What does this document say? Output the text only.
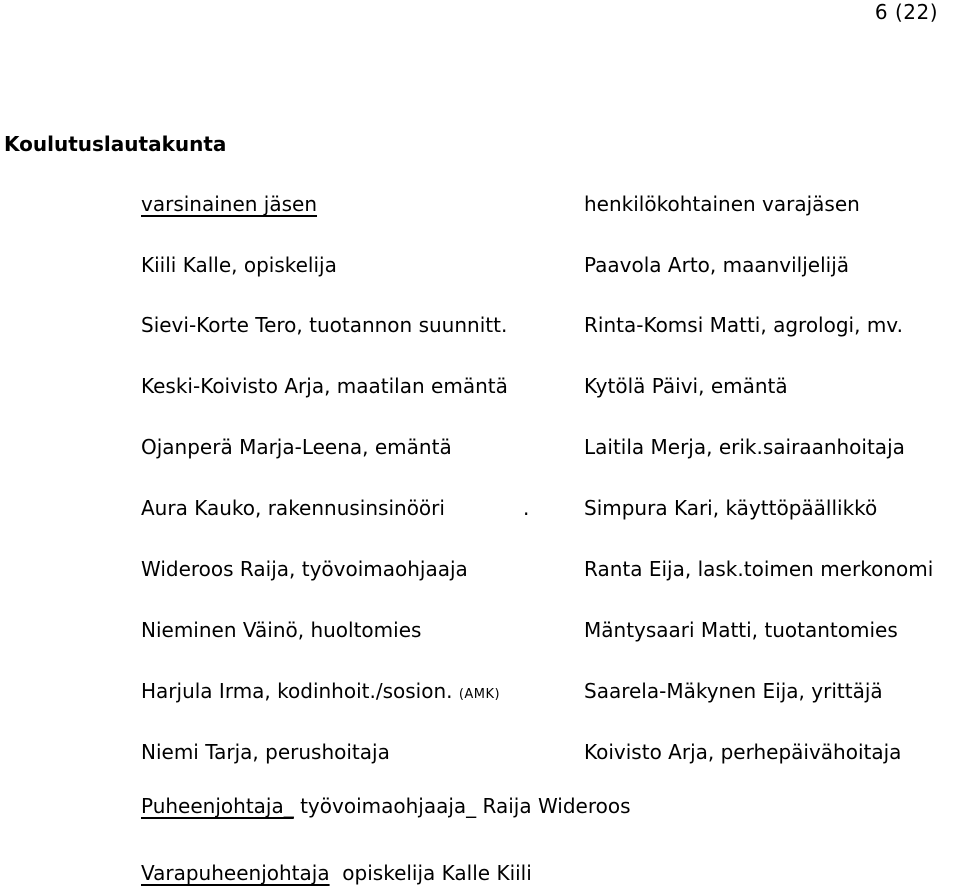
6 (22)
Koulutuslautakunta
varsinainen jäsen	henkilökohtainen varajäsen
Kiili Kalle, opiskelija	Paavola Arto, maanviljelijä
Sievi-Korte Tero, tuotannon suunnitt.	Rinta-Komsi Matti, agrologi, mv.
Keski-Koivisto Arja, maatilan emäntä	Kytölä Päivi, emäntä
Ojanperä Marja-Leena, emäntä	Laitila Merja, erik.sairaanhoitaja
Aura Kauko, rakennusinsinööri	.	Simpura Kari, käyttöpäällikkö
Wideroos Raija, työvoimaohjaaja	Ranta Eija, lask.toimen merkonomi
Nieminen Väinö, huoltomies	Mäntysaari Matti, tuotantomies
Harjula Irma, kodinhoit./sosion. (AMK)	Saarela-Mäkynen Eija, yrittäjä
Niemi Tarja, perushoitaja	Koivisto Arja, perhepäivähoitaja
Puheenjohtaja_ työvoimaohjaaja_ Raija Wideroos
Varapuheenjohtaja opiskelija Kalle Kiili
